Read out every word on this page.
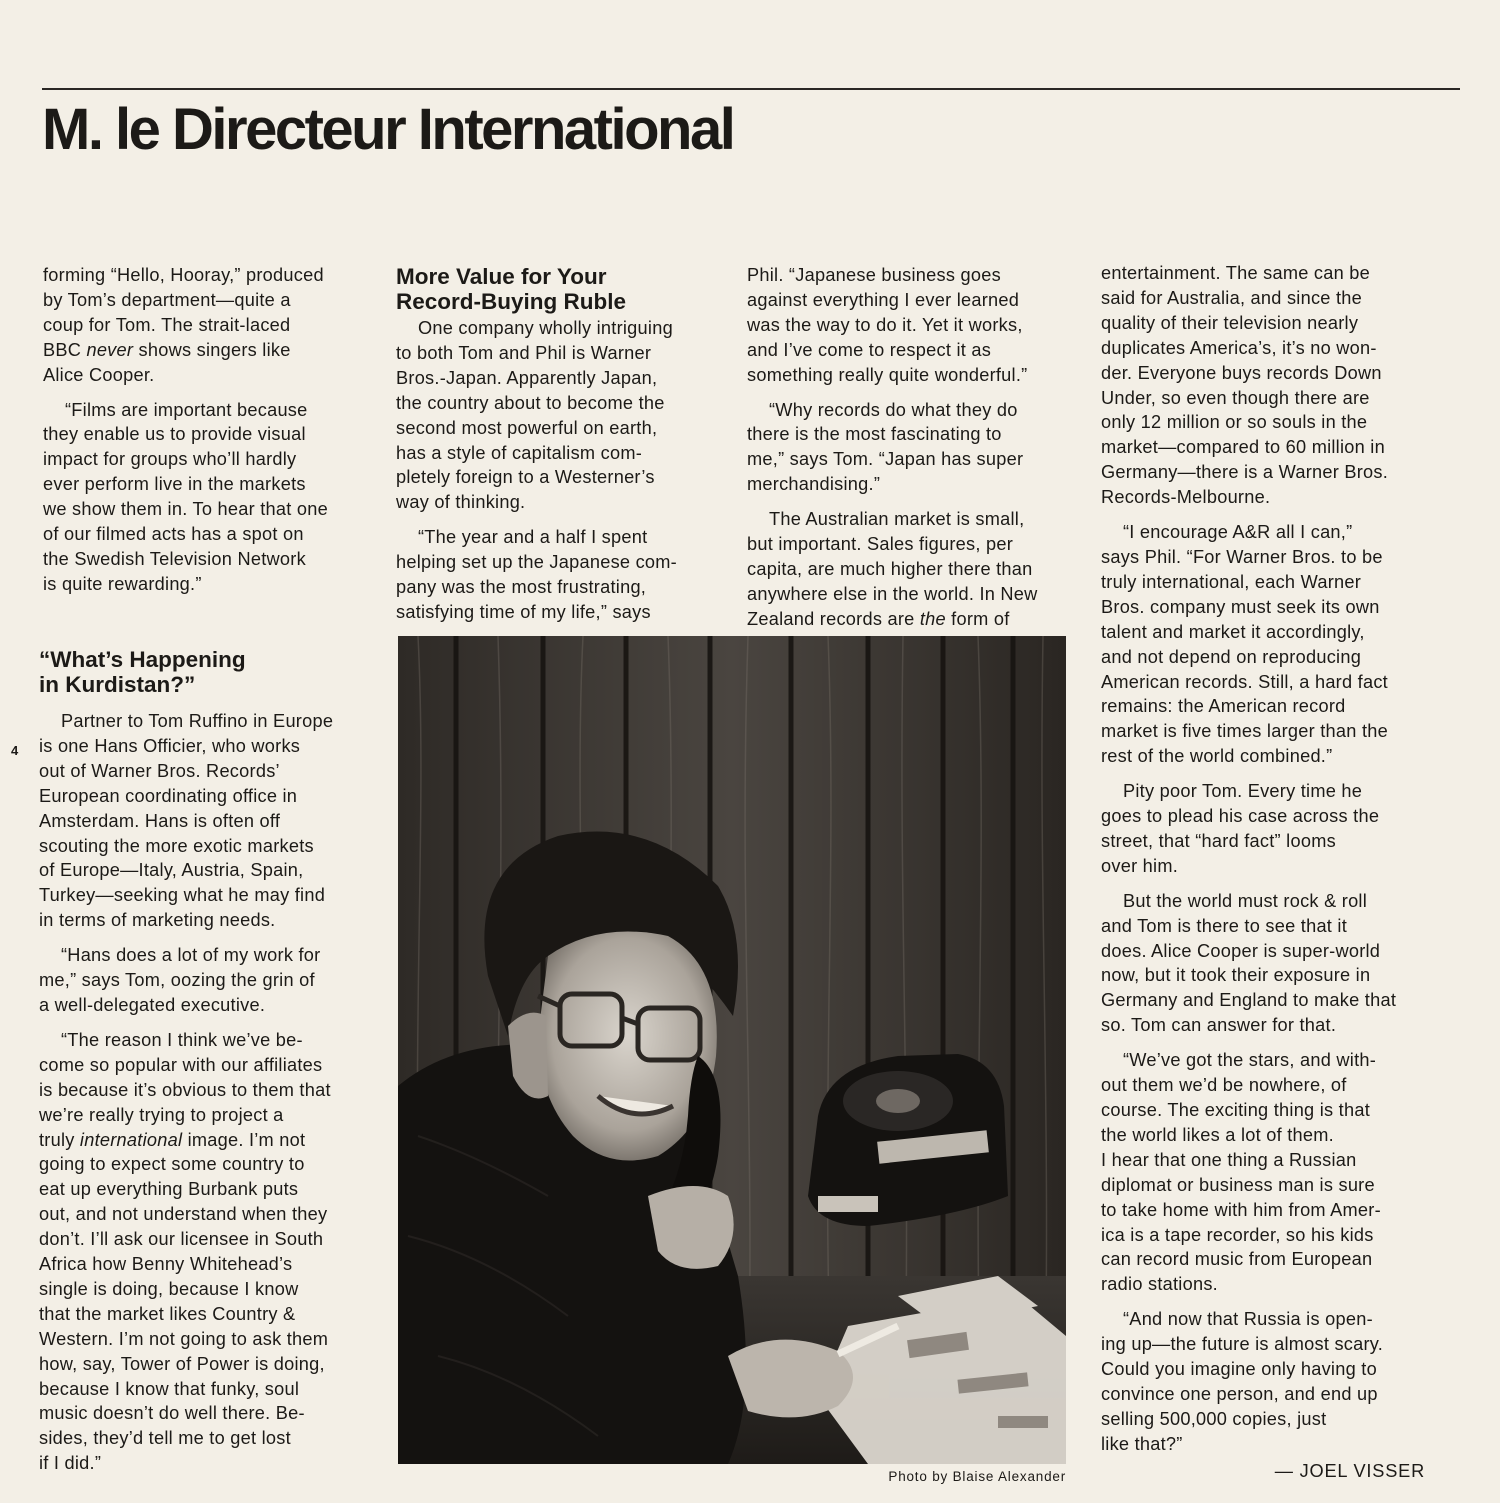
M. le Directeur International
4

forming “Hello, Hooray,” produced
by Tom’s department—quite a
coup for Tom. The strait-laced
BBC never shows singers like
Alice Cooper.

“Films are important because
they enable us to provide visual
impact for groups who’ll hardly
ever perform live in the markets
we show them in. To hear that one
of our filmed acts has a spot on
the Swedish Television Network
is quite rewarding.”

“What’s Happening
in Kurdistan?”

Partner to Tom Ruffino in Europe
is one Hans Officier, who works
out of Warner Bros. Records’
European coordinating office in
Amsterdam. Hans is often off
scouting the more exotic markets
of Europe—Italy, Austria, Spain,
Turkey—seeking what he may find
in terms of marketing needs.

“Hans does a lot of my work for
me,” says Tom, oozing the grin of
a well-delegated executive.

“The reason I think we’ve be-
come so popular with our affiliates
is because it’s obvious to them that
we’re really trying to project a
truly international image. I’m not
going to expect some country to
eat up everything Burbank puts
out, and not understand when they
don’t. I’ll ask our licensee in South
Africa how Benny Whitehead’s
single is doing, because I know
that the market likes Country &
Western. I’m not going to ask them
how, say, Tower of Power is doing,
because I know that funky, soul
music doesn’t do well there. Be-
sides, they’d tell me to get lost
if I did.”

More Value for Your
Record-Buying Ruble

One company wholly intriguing
to both Tom and Phil is Warner
Bros.-Japan. Apparently Japan,
the country about to become the
second most powerful on earth,
has a style of capitalism com-
pletely foreign to a Westerner’s
way of thinking.

“The year and a half I spent
helping set up the Japanese com-
pany was the most frustrating,
satisfying time of my life,” says

Phil. “Japanese business goes
against everything I ever learned
was the way to do it. Yet it works,
and I’ve come to respect it as
something really quite wonderful.”

“Why records do what they do
there is the most fascinating to
me,” says Tom. “Japan has super
merchandising.”

The Australian market is small,
but important. Sales figures, per
capita, are much higher there than
anywhere else in the world. In New
Zealand records are the form of

entertainment. The same can be
said for Australia, and since the
quality of their television nearly
duplicates America’s, it’s no won-
der. Everyone buys records Down
Under, so even though there are
only 12 million or so souls in the
market—compared to 60 million in
Germany—there is a Warner Bros.
Records-Melbourne.

“I encourage A&R all I can,”
says Phil. “For Warner Bros. to be
truly international, each Warner
Bros. company must seek its own
talent and market it accordingly,
and not depend on reproducing
American records. Still, a hard fact
remains: the American record
market is five times larger than the
rest of the world combined.”

Pity poor Tom. Every time he
goes to plead his case across the
street, that “hard fact” looms
over him.

But the world must rock & roll
and Tom is there to see that it
does. Alice Cooper is super-world
now, but it took their exposure in
Germany and England to make that
so. Tom can answer for that.

“We’ve got the stars, and with-
out them we’d be nowhere, of
course. The exciting thing is that
the world likes a lot of them.
I hear that one thing a Russian
diplomat or business man is sure
to take home with him from Amer-
ica is a tape recorder, so his kids
can record music from European
radio stations.

“And now that Russia is open-
ing up—the future is almost scary.
Could you imagine only having to
convince one person, and end up
selling 500,000 copies, just
like that?”

— JOEL VISSER
Photo by Blaise Alexander
